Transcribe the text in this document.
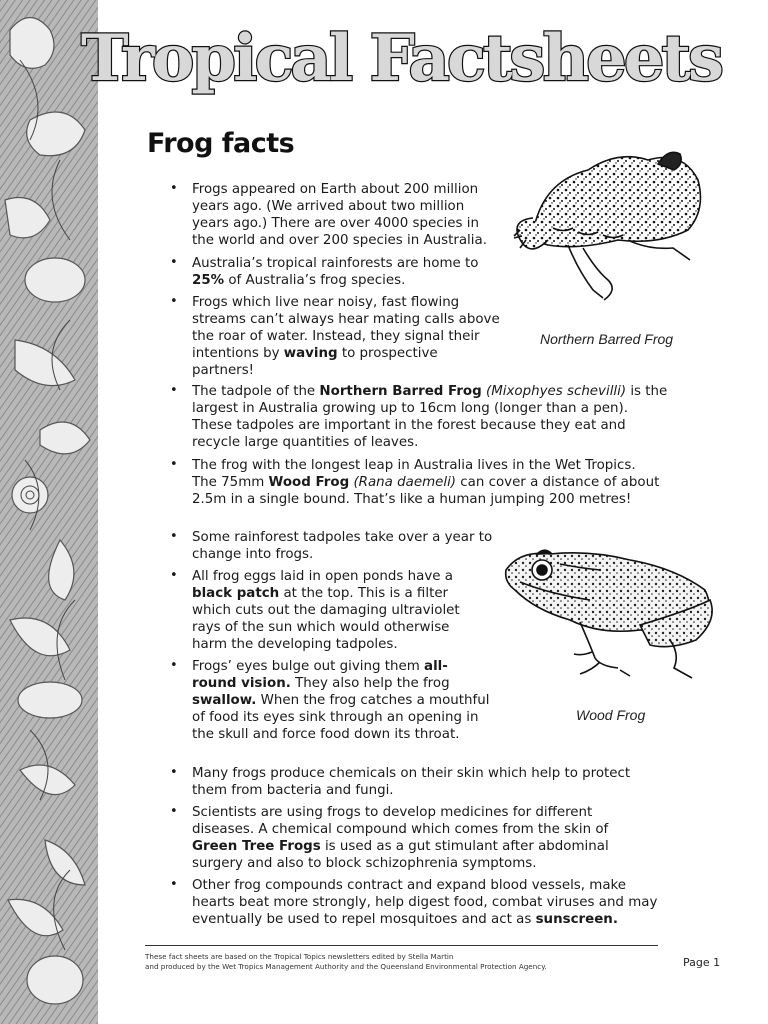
Tropical Factsheets
Frog facts
• Frogs appeared on Earth about 200 million years ago. (We arrived about two million years ago.) There are over 4000 species in the world and over 200 species in Australia.
• Australia’s tropical rainforests are home to 25% of Australia’s frog species.
• Frogs which live near noisy, fast flowing streams can’t always hear mating calls above the roar of water. Instead, they signal their intentions by waving to prospective partners!
• The tadpole of the Northern Barred Frog (Mixophyes schevilli) is the largest in Australia growing up to 16cm long (longer than a pen). These tadpoles are important in the forest because they eat and recycle large quantities of leaves.
• The frog with the longest leap in Australia lives in the Wet Tropics. The 75mm Wood Frog (Rana daemeli) can cover a distance of about 2.5m in a single bound. That’s like a human jumping 200 metres!
• Some rainforest tadpoles take over a year to change into frogs.
• All frog eggs laid in open ponds have a black patch at the top. This is a filter which cuts out the damaging ultraviolet rays of the sun which would otherwise harm the developing tadpoles.
• Frogs’ eyes bulge out giving them all-round vision. They also help the frog swallow. When the frog catches a mouthful of food its eyes sink through an opening in the skull and force food down its throat.
• Many frogs produce chemicals on their skin which help to protect them from bacteria and fungi.
• Scientists are using frogs to develop medicines for different diseases. A chemical compound which comes from the skin of Green Tree Frogs is used as a gut stimulant after abdominal surgery and also to block schizophrenia symptoms.
• Other frog compounds contract and expand blood vessels, make hearts beat more strongly, help digest food, combat viruses and may eventually be used to repel mosquitoes and act as sunscreen.
Northern Barred Frog
Wood Frog
These fact sheets are based on the Tropical Topics newsletters edited by Stella Martin
and produced by the Wet Tropics Management Authority and the Queensland Environmental Protection Agency.	Page 1
